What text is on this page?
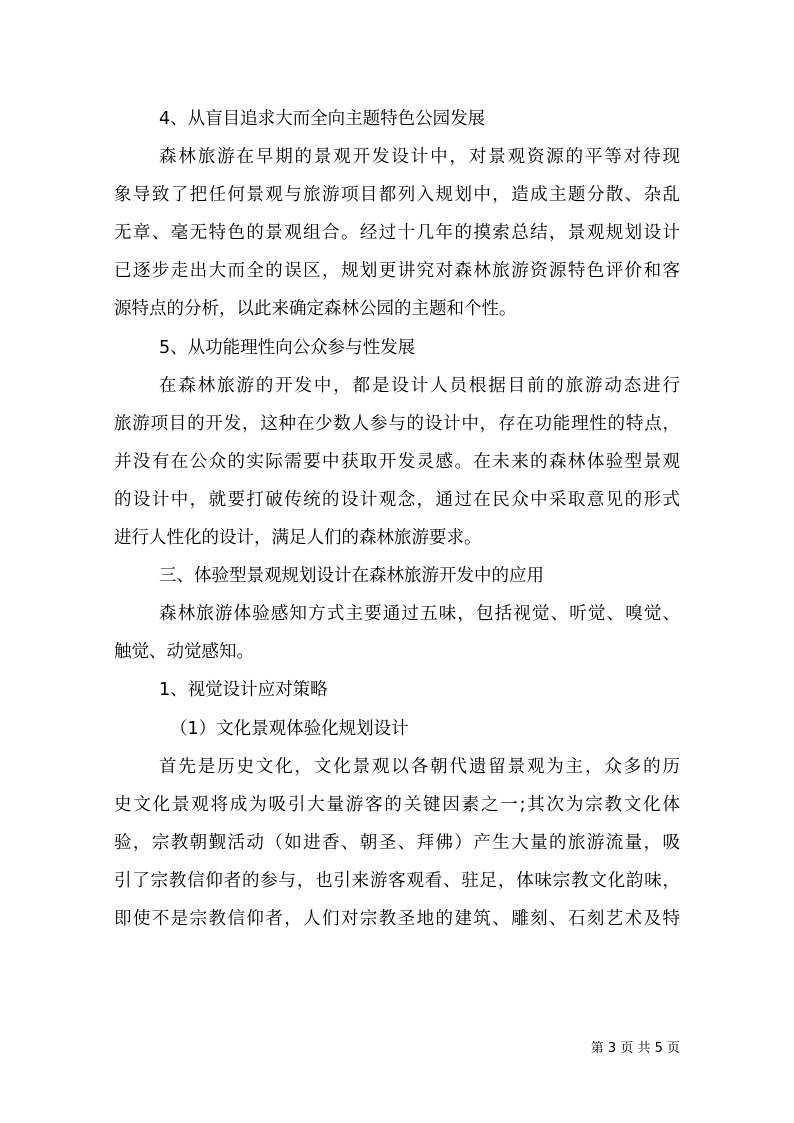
4、从盲目追求大而全向主题特色公园发展
森林旅游在早期的景观开发设计中，对景观资源的平等对待现
象导致了把任何景观与旅游项目都列入规划中，造成主题分散、杂乱
无章、毫无特色的景观组合。经过十几年的摸索总结，景观规划设计
已逐步走出大而全的误区，规划更讲究对森林旅游资源特色评价和客
源特点的分析，以此来确定森林公园的主题和个性。
5、从功能理性向公众参与性发展
在森林旅游的开发中，都是设计人员根据目前的旅游动态进行
旅游项目的开发，这种在少数人参与的设计中，存在功能理性的特点，
并没有在公众的实际需要中获取开发灵感。在未来的森林体验型景观
的设计中，就要打破传统的设计观念，通过在民众中采取意见的形式
进行人性化的设计，满足人们的森林旅游要求。
三、体验型景观规划设计在森林旅游开发中的应用
森林旅游体验感知方式主要通过五味，包括视觉、听觉、嗅觉、
触觉、动觉感知。
1、视觉设计应对策略
（1）文化景观体验化规划设计
首先是历史文化，文化景观以各朝代遗留景观为主，众多的历
史文化景观将成为吸引大量游客的关键因素之一;其次为宗教文化体
验，宗教朝觐活动（如进香、朝圣、拜佛）产生大量的旅游流量，吸
引了宗教信仰者的参与，也引来游客观看、驻足，体味宗教文化韵味，
即使不是宗教信仰者，人们对宗教圣地的建筑、雕刻、石刻艺术及特
第 3 页 共 5 页
